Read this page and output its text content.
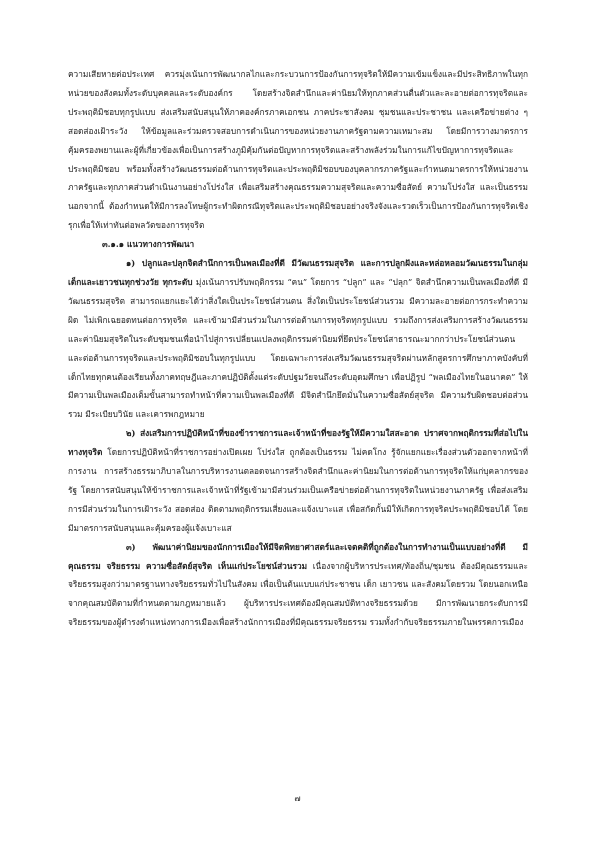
ความเสียหายต่อประเทศ ควรมุ่งเน้นการพัฒนากลไกและกระบวนการป้องกันการทุจริตให้มีความเข้มแข็งและมีประสิทธิภาพในทุกหน่วยของสังคมทั้งระดับบุคคลและระดับองค์กร โดยสร้างจิตสำนึกและค่านิยมให้ทุกภาคส่วนตื่นตัวและละอายต่อการทุจริตและประพฤติมิชอบทุกรูปแบบ ส่งเสริมสนับสนุนให้ภาคองค์กรภาคเอกชน ภาคประชาสังคม ชุมชนและประชาชน และเครือข่ายต่าง ๆ สอดส่องเฝ้าระวัง ให้ข้อมูลและร่วมตรวจสอบการดำเนินการของหน่วยงานภาครัฐตามความเหมาะสม โดยมีการวางมาตรการคุ้มครองพยานและผู้ที่เกี่ยวข้องเพื่อเป็นการสร้างภูมิคุ้มกันต่อปัญหาการทุจริตและสร้างพลังร่วมในการแก้ไขปัญหาการทุจริตและประพฤติมิชอบ พร้อมทั้งสร้างวัฒนธรรมต่อต้านการทุจริตและประพฤติมิชอบของบุคลากรภาครัฐและกำหนดมาตรการให้หน่วยงานภาครัฐและทุกภาคส่วนดำเนินงานอย่างโปร่งใส เพื่อเสริมสร้างคุณธรรมความสุจริตและความซื่อสัตย์ ความโปร่งใส และเป็นธรรม นอกจากนี้ ต้องกำหนดให้มีการลงโทษผู้กระทำผิดกรณีทุจริตและประพฤติมิชอบอย่างจริงจังและรวดเร็วเป็นการป้องกันการทุจริตเชิงรุกเพื่อให้เท่าทันต่อพลวัตของการทุจริต

๓.๑.๑ แนวทางการพัฒนา

๑) ปลูกและปลุกจิตสำนึกการเป็นพลเมืองที่ดี มีวัฒนธรรมสุจริต และการปลูกฝังและหล่อหลอมวัฒนธรรมในกลุ่มเด็กและเยาวชนทุกช่วงวัย ทุกระดับ มุ่งเน้นการปรับพฤติกรรม “คน” โดยการ “ปลูก” และ “ปลุก” จิตสำนึกความเป็นพลเมืองที่ดี มีวัฒนธรรมสุจริต สามารถแยกแยะได้ว่าสิ่งใดเป็นประโยชน์ส่วนตน สิ่งใดเป็นประโยชน์ส่วนรวม มีความละอายต่อการกระทำความผิด ไม่เพิกเฉยอดทนต่อการทุจริต และเข้ามามีส่วนร่วมในการต่อต้านการทุจริตทุกรูปแบบ รวมถึงการส่งเสริมการสร้างวัฒนธรรมและค่านิยมสุจริตในระดับชุมชนเพื่อนำไปสู่การเปลี่ยนแปลงพฤติกรรมค่านิยมที่ยึดประโยชน์สาธารณะมากกว่าประโยชน์ส่วนตน และต่อต้านการทุจริตและประพฤติมิชอบในทุกรูปแบบ โดยเฉพาะการส่งเสริมวัฒนธรรมสุจริตผ่านหลักสูตรการศึกษาภาคบังคับที่เด็กไทยทุกคนต้องเรียนทั้งภาคทฤษฎีและภาคปฏิบัติตั้งแต่ระดับปฐมวัยจนถึงระดับอุดมศึกษา เพื่อปฏิรูป “พลเมืองไทยในอนาคต” ให้มีความเป็นพลเมืองเต็มขั้นสามารถทำหน้าที่ความเป็นพลเมืองที่ดี มีจิตสำนึกยึดมั่นในความซื่อสัตย์สุจริต มีความรับผิดชอบต่อส่วนรวม มีระเบียบวินัย และเคารพกฎหมาย

๒) ส่งเสริมการปฏิบัติหน้าที่ของข้าราชการและเจ้าหน้าที่ของรัฐให้มีความใสสะอาด ปราศจากพฤติกรรมที่ส่อไปในทางทุจริต โดยการปฏิบัติหน้าที่ราชการอย่างเปิดเผย โปร่งใส ถูกต้องเป็นธรรม ไม่คดโกง รู้จักแยกแยะเรื่องส่วนตัวออกจากหน้าที่การงาน การสร้างธรรมาภิบาลในการบริหารงานตลอดจนการสร้างจิตสำนึกและค่านิยมในการต่อต้านการทุจริตให้แก่บุคลากรของรัฐ โดยการสนับสนุนให้ข้าราชการและเจ้าหน้าที่รัฐเข้ามามีส่วนร่วมเป็นเครือข่ายต่อต้านการทุจริตในหน่วยงานภาครัฐ เพื่อส่งเสริมการมีส่วนร่วมในการเฝ้าระวัง สอดส่อง ติดตามพฤติกรรมเสี่ยงและแจ้งเบาะแส เพื่อสกัดกั้นมิให้เกิดการทุจริตประพฤติมิชอบได้ โดยมีมาตรการสนับสนุนและคุ้มครองผู้แจ้งเบาะแส

๓) พัฒนาค่านิยมของนักการเมืองให้มีจิตพิทยาศาสตร์และเจตคติที่ถูกต้องในการทำงานเป็นแบบอย่างที่ดี มีคุณธรรม จริยธรรม ความซื่อสัตย์สุจริต เห็นแก่ประโยชน์ส่วนรวม เนื่องจากผู้บริหารประเทศ/ท้องถิ่น/ชุมชน ต้องมีคุณธรรมและจริยธรรมสูงกว่ามาตรฐานทางจริยธรรมทั่วไปในสังคม เพื่อเป็นต้นแบบแก่ประชาชน เด็ก เยาวชน และสังคมโดยรวม โดยนอกเหนือจากคุณสมบัติตามที่กำหนดตามกฎหมายแล้ว ผู้บริหารประเทศต้องมีคุณสมบัติทางจริยธรรมด้วย มีการพัฒนายกระดับการมีจริยธรรมของผู้ดำรงตำแหน่งทางการเมืองเพื่อสร้างนักการเมืองที่มีคุณธรรมจริยธรรม รวมทั้งกำกับจริยธรรมภายในพรรคการเมือง

๗
